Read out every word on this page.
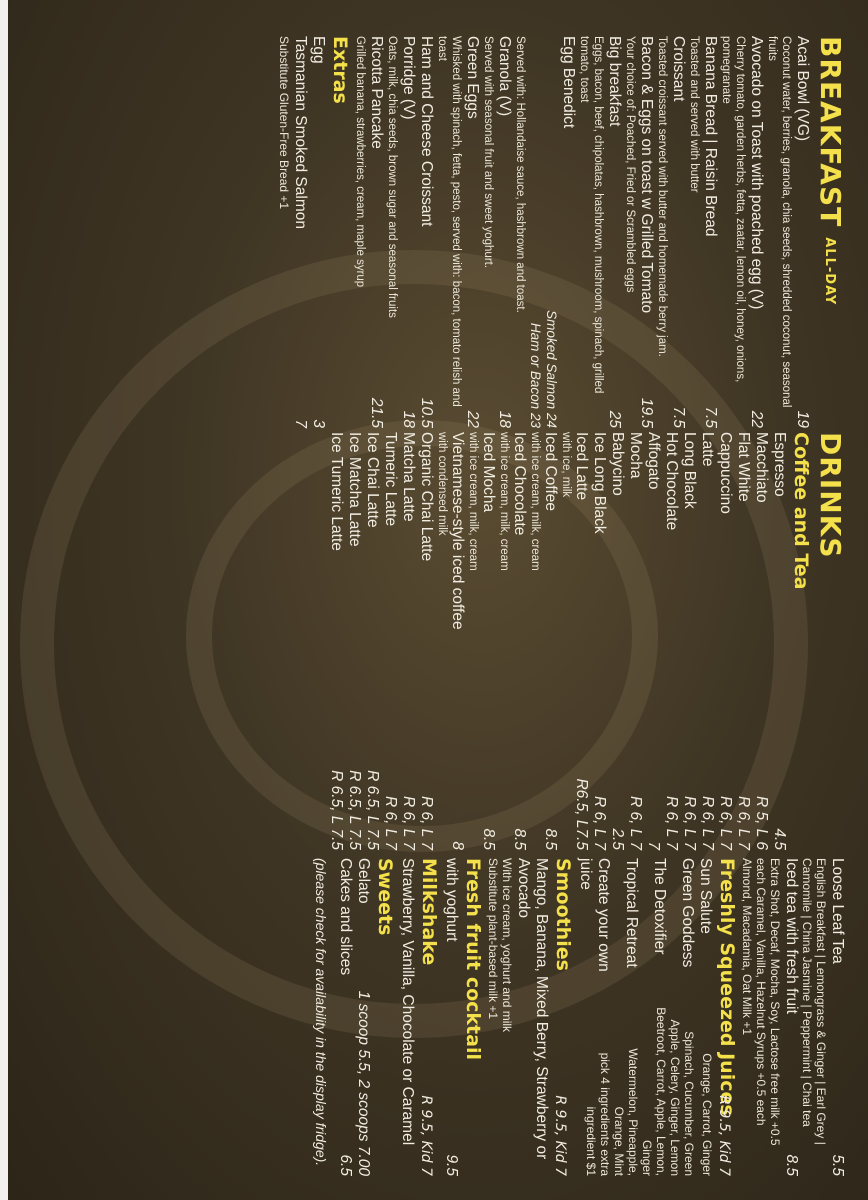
BREAKFASTALL-DAY
Acai Bowl (VG)
19
Coconut water, berries, granola, chia seeds, shredded coconut, seasonal fruits
Avocado on Toast with poached egg (V)
22
Cherry tomato, garden herbs, fetta, zaatar, lemon oil, honey, onions, pomegranate
Banana Bread | Raisin Bread
7.5
Toasted and served with butter
Croissant
7.5
Toasted croissant served with butter and homemade berry jam.
Bacon & Eggs on toast w Grilled Tomato
19.5
Your choice of: Poached, Fried or Scrambled eggs
Big breakfast
25
Eggs, bacon, beef, chipolatas, hashbrown, mushroom, spinach, grilled tomato, toast
Egg Benedict
Smoked Salmon 24
Ham or Bacon 23
Served with: Hollandaise sauce, hashbrown and toast.
Granola (V)
18
Served with seasonal fruit and sweet yoghurt.
Green Eggs
22
Whisked with spinach, fetta, pesto, served with: bacon, tomato relish and toast
Ham and Cheese Croissant
10.5
Porridge (V)
18
Oats, milk, chia seeds, brown sugar and seasonal fruits
Ricotta Pancake
21.5
Grilled banana, strawberries, cream, maple syrup
Extras
Egg
3
Tasmanian Smoked Salmon
7
Substitute Gluten-Free Bread +1
DRINKS
Coffee and Tea
Espresso
4.5
Macchiato
R 5, L 6
Flat White
R 6, L 7
Cappuccino
R 6, L 7
Latte
R 6, L 7
Long Black
R 6, L 7
Hot Chocolate
R 6, L 7
Affogato
7
Mocha
R 6, L 7
Babycino
2.5
Ice Long Black
R 6, L 7
Iced Latte
R6.5, L7.5
with ice, milk
Iced Coffee
8.5
with ice cream, milk, cream
Iced Chocolate
8.5
with ice cream, milk, cream
Iced Mocha
8.5
with ice cream, milk, cream
Vietnamese-style iced coffee
8
with condensed milk
Organic Chai Latte
R 6, L 7
Matcha Latte
R 6, L 7
Tumeric Latte
R 6, L 7
Ice Chai Latte
R 6.5, L 7.5
Ice Matcha Latte
R 6.5, L 7.5
Ice Tumeric Latte
R 6.5, L 7.5
Loose Leaf Tea
5.5
English Breakfast | Lemongrass & Ginger | Earl Grey |
Camomile | China Jasmine | Peppermint | Chai tea
Iced tea with fresh fruit
8.5
Extra Shot, Decaf, Mocha, Soy, Lactose free milk +0.5
each Caramel, Vanilla, Hazelnut Syrups +0.5 each
Almond, Macadamia, Oat Milk +1
Freshly Squeezed Juices
R 9.5, Kid 7
Sun Salute
Orange, Carrot, Ginger
Green Goddess
Spinach, Cucumber, Green Apple, Celery, Ginger, Lemon
The Detoxifier
Beetroot, Carrot, Apple, Lemon, Ginger
Tropical Retreat
Watermelon, Pineapple, Orange, Mint
Create your own juice
pick 4 ingredients extra ingredient $1
Smoothies
R 9.5, Kid 7
Mango, Banana, Mixed Berry, Strawberry or
Avocado
With ice cream, yoghurt and milk
Substitute plant-based milk +1
Fresh fruit cocktail
with yoghurt
9.5
Milkshake
R 9.5, Kid 7
Strawberry, Vanilla, Chocolate or Caramel
Sweets
Gelato
1 scoop 5.5, 2 scoops 7.00
Cakes and slices
6.5
(please check for availability in the display fridge).
